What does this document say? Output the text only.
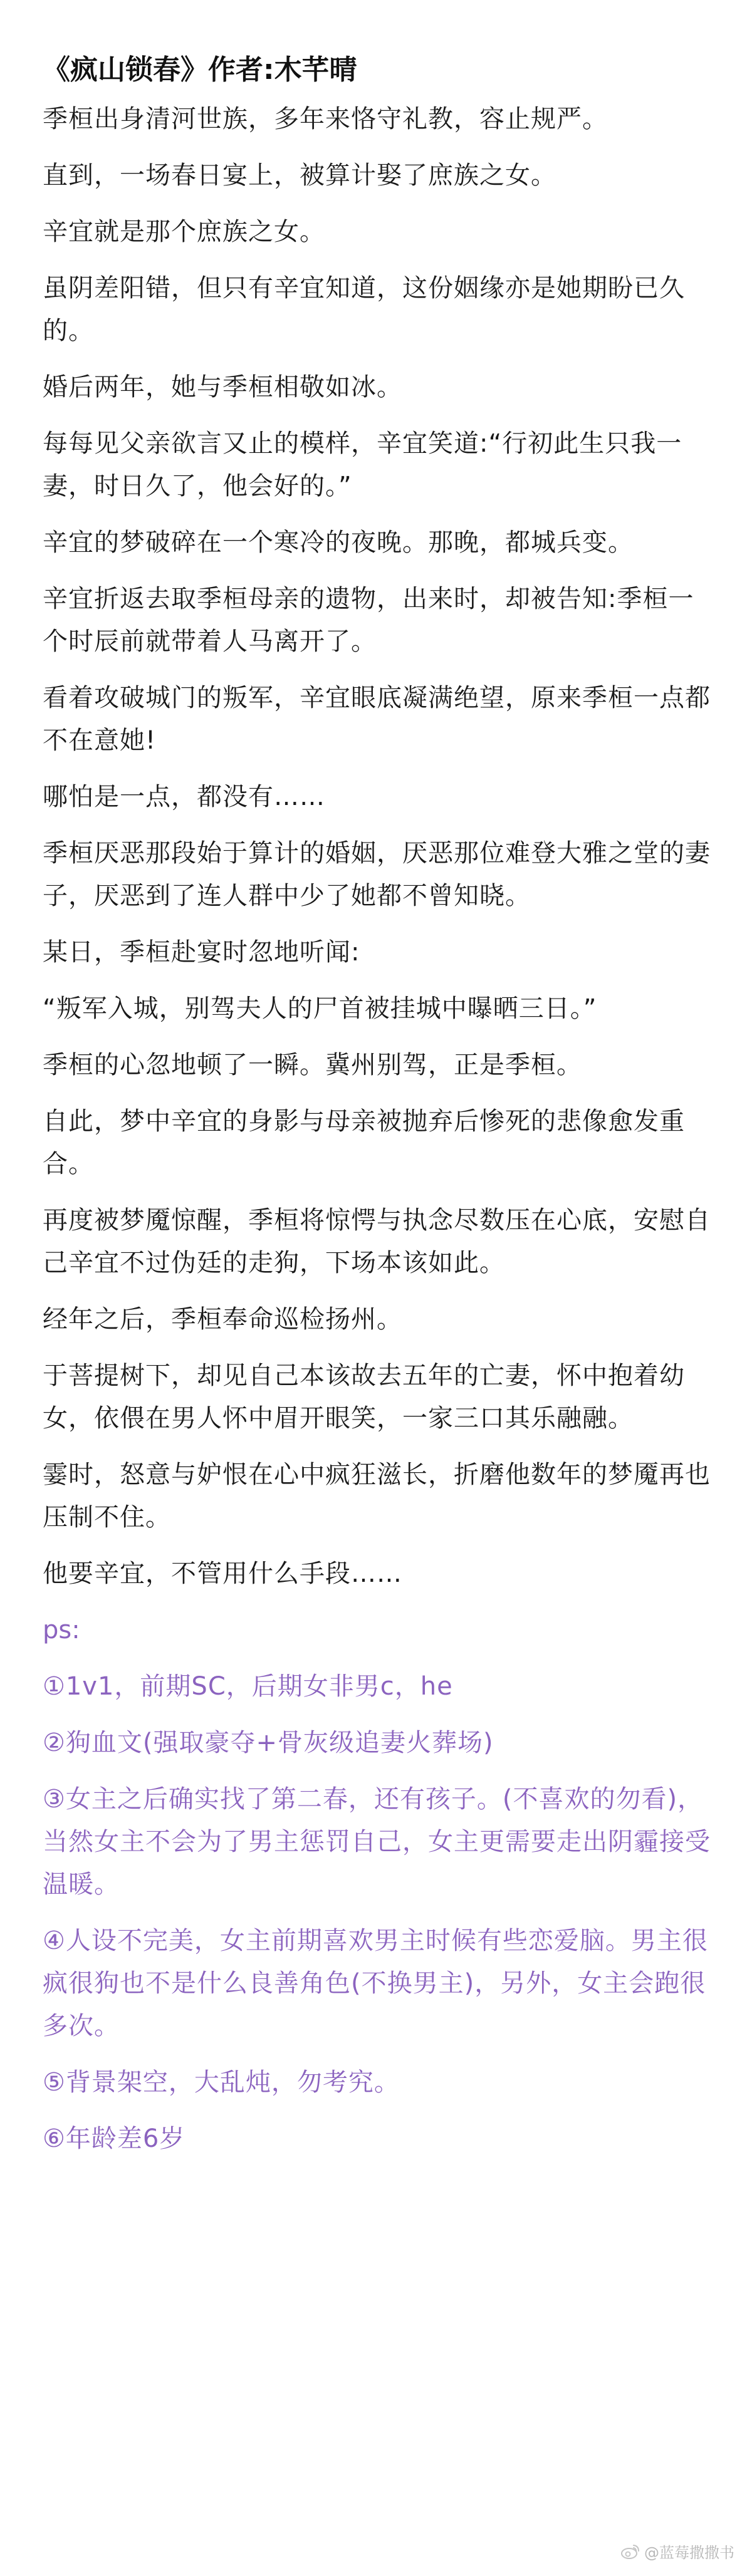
《疯山锁春》作者:木芊晴

季桓出身清河世族，多年来恪守礼教，容止规严。

直到，一场春日宴上，被算计娶了庶族之女。

辛宜就是那个庶族之女。

虽阴差阳错，但只有辛宜知道，这份姻缘亦是她期盼已久的。

婚后两年，她与季桓相敬如冰。

每每见父亲欲言又止的模样，辛宜笑道:“行初此生只我一妻，时日久了，他会好的。”

辛宜的梦破碎在一个寒冷的夜晚。那晚，都城兵变。

辛宜折返去取季桓母亲的遗物，出来时，却被告知:季桓一个时辰前就带着人马离开了。

看着攻破城门的叛军，辛宜眼底凝满绝望，原来季桓一点都不在意她!

哪怕是一点，都没有……

季桓厌恶那段始于算计的婚姻，厌恶那位难登大雅之堂的妻子，厌恶到了连人群中少了她都不曾知晓。

某日，季桓赴宴时忽地听闻:

“叛军入城，别驾夫人的尸首被挂城中曝晒三日。”

季桓的心忽地顿了一瞬。冀州别驾，正是季桓。

自此，梦中辛宜的身影与母亲被抛弃后惨死的悲像愈发重合。

再度被梦魇惊醒，季桓将惊愕与执念尽数压在心底，安慰自己辛宜不过伪廷的走狗，下场本该如此。

经年之后，季桓奉命巡检扬州。

于菩提树下，却见自己本该故去五年的亡妻，怀中抱着幼女，依偎在男人怀中眉开眼笑，一家三口其乐融融。

霎时，怒意与妒恨在心中疯狂滋长，折磨他数年的梦魇再也压制不住。

他要辛宜，不管用什么手段……

ps:

①1v1，前期SC，后期女非男c，he

②狗血文(强取豪夺+骨灰级追妻火葬场)

③女主之后确实找了第二春，还有孩子。(不喜欢的勿看)，当然女主不会为了男主惩罚自己，女主更需要走出阴霾接受温暖。

④人设不完美，女主前期喜欢男主时候有些恋爱脑。男主很疯很狗也不是什么良善角色(不换男主)，另外，女主会跑很多次。

⑤背景架空，大乱炖，勿考究。

⑥年龄差6岁

@蓝莓撒撒书
